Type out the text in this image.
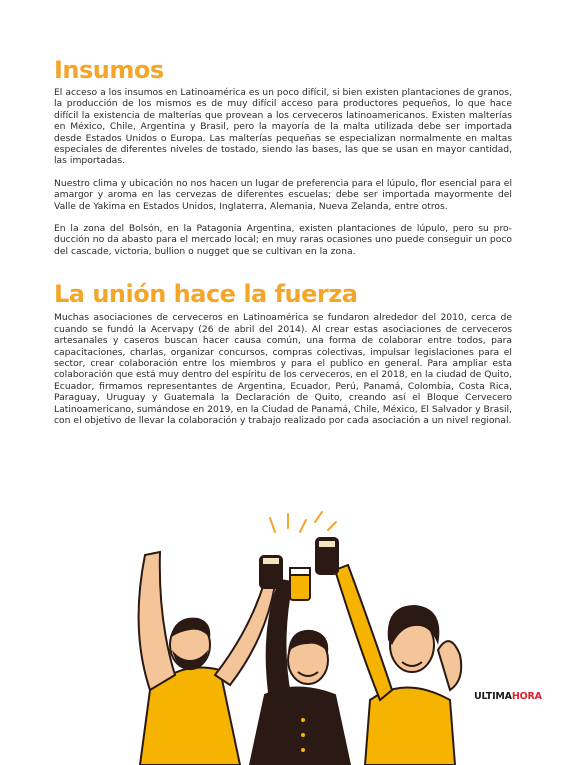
Insumos

El acceso a los insumos en Latinoamérica es un poco difícil, si bien existen plantaciones de granos, la producción de los mismos es de muy difícil acceso para productores pequeños, lo que hace difícil la existencia de malterías que provean a los cerveceros latinoamericanos. Existen malterías en México, Chile, Argentina y Brasil, pero la mayoría de la malta utilizada debe ser importada desde Estados Unidos o Europa. Las malterías pequeñas se especializan normalmente en maltas especiales de diferentes niveles de tostado, siendo las bases, las que se usan en mayor cantidad, las importadas.

Nuestro clima y ubicación no nos hacen un lugar de preferencia para el lúpulo, flor esencial para el amargor y aroma en las cervezas de diferentes escuelas; debe ser importada mayormente del Valle de Yakima en Estados Unidos, Inglaterra, Alemania, Nueva Zelanda, entre otros.

En la zona del Bolsón, en la Patagonia Argentina, existen plantaciones de lúpulo, pero su producción no da abasto para el mercado local; en muy raras ocasiones uno puede conseguir un poco del cascade, victoria, bullion o nugget que se cultivan en la zona.

La unión hace la fuerza

Muchas asociaciones de cerveceros en Latinoamérica se fundaron alrededor del 2010, cerca de cuando se fundó la Acervapy (26 de abril del 2014). Al crear estas asociaciones de cerveceros artesanales y caseros buscan hacer causa común, una forma de colaborar entre todos, para capacitaciones, charlas, organizar concursos, compras colectivas, impulsar legislaciones para el sector, crear colaboración entre los miembros y para el publico en general. Para ampliar esta colaboración que está muy dentro del espíritu de los cerveceros, en el 2018, en la ciudad de Quito, Ecuador, firmamos representantes de Argentina, Ecuador, Perú, Panamá, Colombia, Costa Rica, Paraguay, Uruguay y Guatemala la Declaración de Quito, creando así el Bloque Cervecero Latinoamericano, sumándose en 2019, en la Ciudad de Panamá, Chile, México, El Salvador y Brasil, con el objetivo de llevar la colaboración y trabajo realizado por cada asociación a un nivel regional.

ULTIMAHORA
